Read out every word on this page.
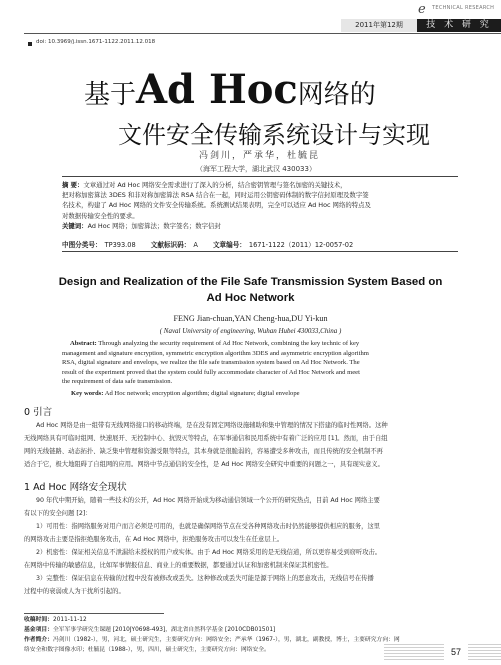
e TECHNICAL RESEARCH
2011年第12期	技 术 研 究
doi: 10.3969/j.issn.1671-1122.2011.12.018
基于Ad Hoc网络的
文件安全传输系统设计与实现
冯剑川，严承华，杜毓昆
（海军工程大学，湖北武汉 430033）

摘 要：文章通过对 Ad Hoc 网络安全需求进行了深入的分析，结合密钥管理与签名加密的关键技术，

把对称加密算法 3DES 和非对称加密算法 RSA 结合在一起，同时运用公钥密码体制的数字信封原理及数字签

名技术，构建了 Ad Hoc 网络的文件安全传输系统。系统测试结果表明，完全可以适应 Ad Hoc 网络的特点及

对数据传输安全性的要求。

关键词：Ad Hoc 网络；加密算法；数字签名；数字信封

中图分类号： TP393.08 文献标识码： A 文章编号： 1671-1122（2011）12-0057-02
Design and Realization of the File Safe Transmission System Based on
Ad Hoc Network
FENG Jian-chuan,YAN Cheng-hua,DU Yi-kun
( Naval University of engineering, Wuhan Hubei 430033,China )

Abstract: Through analyzing the security requirement of Ad Hoc Network, combining the key technic of key

management and signature encryption, symmetric encryption algorithm 3DES and asymmetric encryption algorithm

RSA, digital signature and envelops, we realize the file safe transmission system based on Ad Hoc Network. The

result of the experiment proved that the system could fully accommodate character of Ad Hoc Network and meet

the requirement of data safe transmission.

Key words: Ad Hoc network; encryption algorithm; digital signature; digital envelope
0 引言

Ad Hoc 网络是由一组带有无线网络接口的移动终端，是在没有固定网络设施辅助和集中管理的情况下搭建的临时性网络。这种

无线网络具有可临时组网、快速展开、无控制中心、抗毁灭等特点，在军事通信和民用系统中有着广泛的应用 [1]。然而，由于自组

网的无线链路、动态拓扑、缺乏集中管理和资源受限等特点，其本身就是很脆弱的，容易遭受多种攻击，而且传统的安全机制不再

适合于它，极大地阻碍了自组网的应用。网络中节点通信的安全性，是 Ad Hoc 网络安全研究中重要的问题之一，具有现实意义。

1 Ad Hoc 网络安全现状

90 年代中期开始，随着一些技术的公开，Ad Hoc 网络开始成为移动通信领域一个公开的研究热点，目前 Ad Hoc 网络主要

有以下的安全问题 [2]：

1）可用性：指网络服务对用户而言必须是可用的，也就是确保网络节点在受各种网络攻击时仍然能够提供相应的服务，这里

的网络攻击主要是指拒绝服务攻击，在 Ad Hoc 网络中，拒绝服务攻击可以发生在任意层上。

2）机密性：保证相关信息不泄漏给未授权的用户或实体。由于 Ad Hoc 网络采用的是无线信道，所以更容易受到窃听攻击。

在网络中传输的敏感信息，比如军事情报信息、商业上的重要数据，都要通过认证和加密机制来保证其机密性。

3）完整性：保证信息在传输的过程中没有被修改或丢失。这种修改或丢失可能是源于网络上的恶意攻击，无线信号在传播

过程中的衰弱或人为干扰所引起的。

收稿时间：2011-11-12

基金项目：全军军事学研究生课题 [2010JY0698-493]，湖北省自然科学基金 [2010CDB01501]

作者简介：冯剑川（1982-），男，河北，硕士研究生，主要研究方向：网络安全；严承华（1967-），男，湖北，副教授，博士，主要研究方向：网

络安全和数字图像水印；杜毓昆（1988-），男，四川，硕士研究生，主要研究方向：网络安全。	57
